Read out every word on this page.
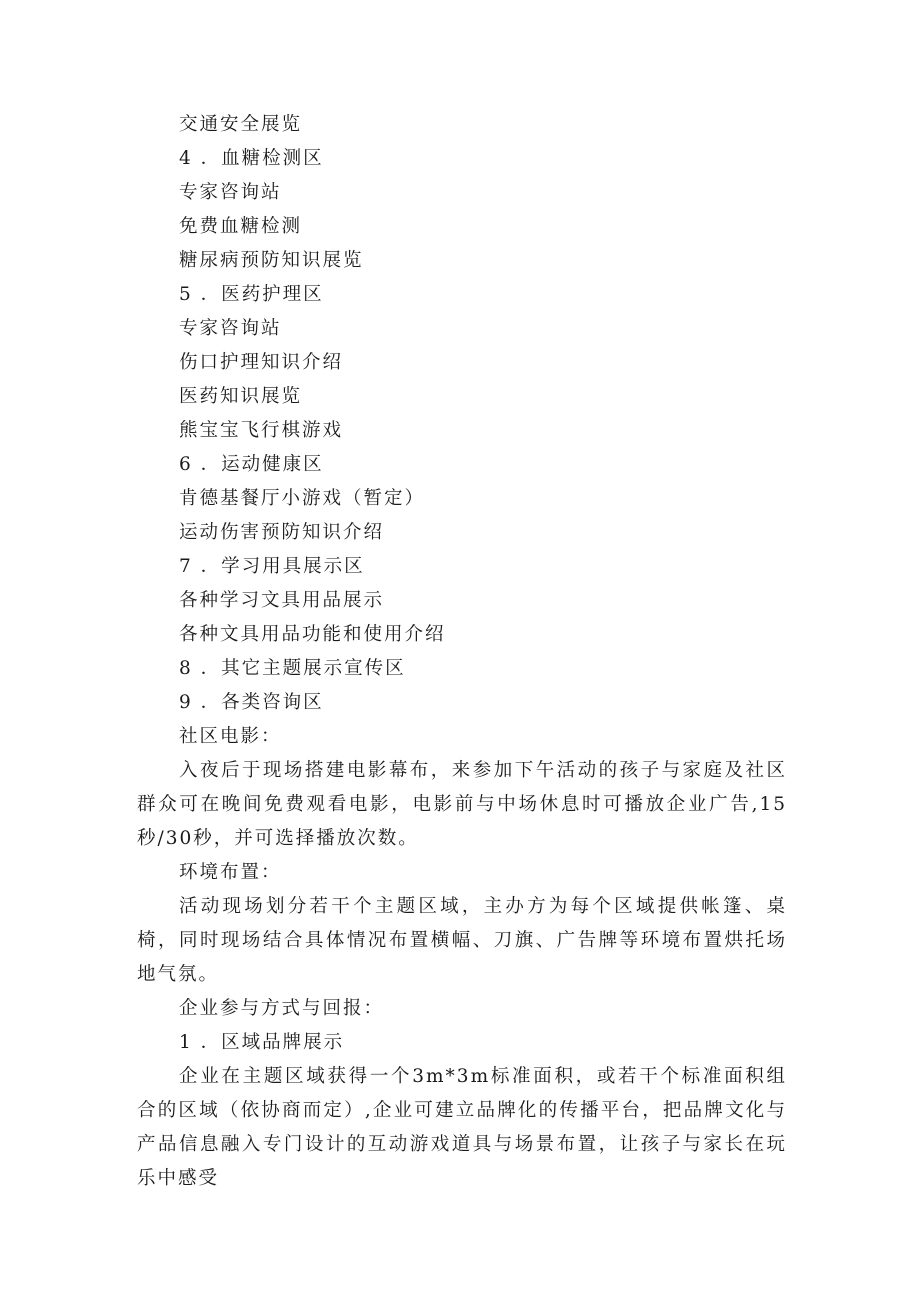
交通安全展览
4 ．血糖检测区
专家咨询站
免费血糖检测
糖尿病预防知识展览
5 ．医药护理区
专家咨询站
伤口护理知识介绍
医药知识展览
熊宝宝飞行棋游戏
6 ．运动健康区
肯德基餐厅小游戏（暂定）
运动伤害预防知识介绍
7 ．学习用具展示区
各种学习文具用品展示
各种文具用品功能和使用介绍
8 ．其它主题展示宣传区
9 ．各类咨询区
社区电影：
入夜后于现场搭建电影幕布，来参加下午活动的孩子与家庭及社区群众可在晚间免费观看电影，电影前与中场休息时可播放企业广告,15秒/30秒，并可选择播放次数。
环境布置：
活动现场划分若干个主题区域，主办方为每个区域提供帐篷、桌椅，同时现场结合具体情况布置横幅、刀旗、广告牌等环境布置烘托场地气氛。
企业参与方式与回报：
1 ．区域品牌展示
企业在主题区域获得一个3m*3m标准面积，或若干个标准面积组合的区域（依协商而定）,企业可建立品牌化的传播平台，把品牌文化与产品信息融入专门设计的互动游戏道具与场景布置，让孩子与家长在玩乐中感受
